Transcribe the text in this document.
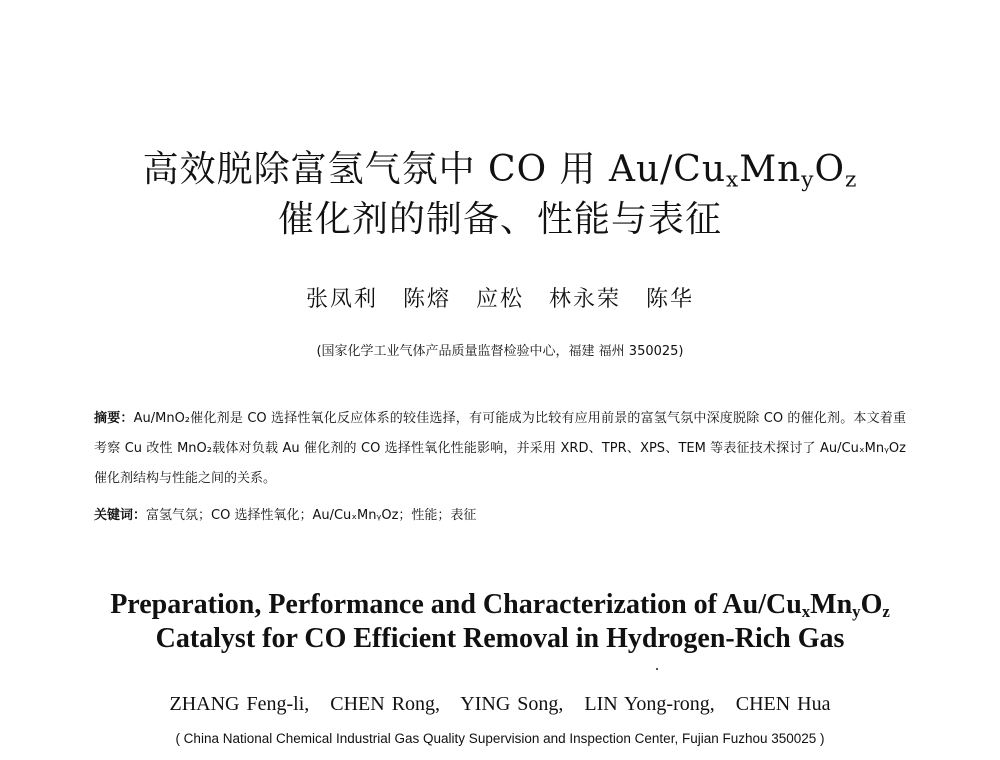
高效脱除富氢气氛中 CO 用 $Au/Cu_xMn_yO_z$
催化剂的制备、性能与表征
张凤利 陈熔 应松 林永荣 陈华
(国家化学工业气体产品质量监督检验中心，福建 福州 350025)
摘要：Au/MnO₂催化剂是 CO 选择性氧化反应体系的较佳选择，有可能成为比较有应用前景的富氢气氛中深度脱除 CO 的催化剂。本文着重考察 Cu 改性 MnO₂载体对负载 Au 催化剂的 CO 选择性氧化性能影响，并采用 XRD、TPR、XPS、TEM 等表征技术探讨了 Au/CuₓMnᵧOz催化剂结构与性能之间的关系。
关键词：富氢气氛；CO 选择性氧化；Au/CuₓMnᵧOz；性能；表征
Preparation, Performance and Characterization of $Au/Cu_xMn_yO_z$
Catalyst for CO Efficient Removal in Hydrogen-Rich Gas
ZHANG Feng-li,   CHEN Rong,   YING Song,   LIN Yong-rong,   CHEN Hua
( China National Chemical Industrial Gas Quality Supervision and Inspection Center, Fujian Fuzhou 350025 )
